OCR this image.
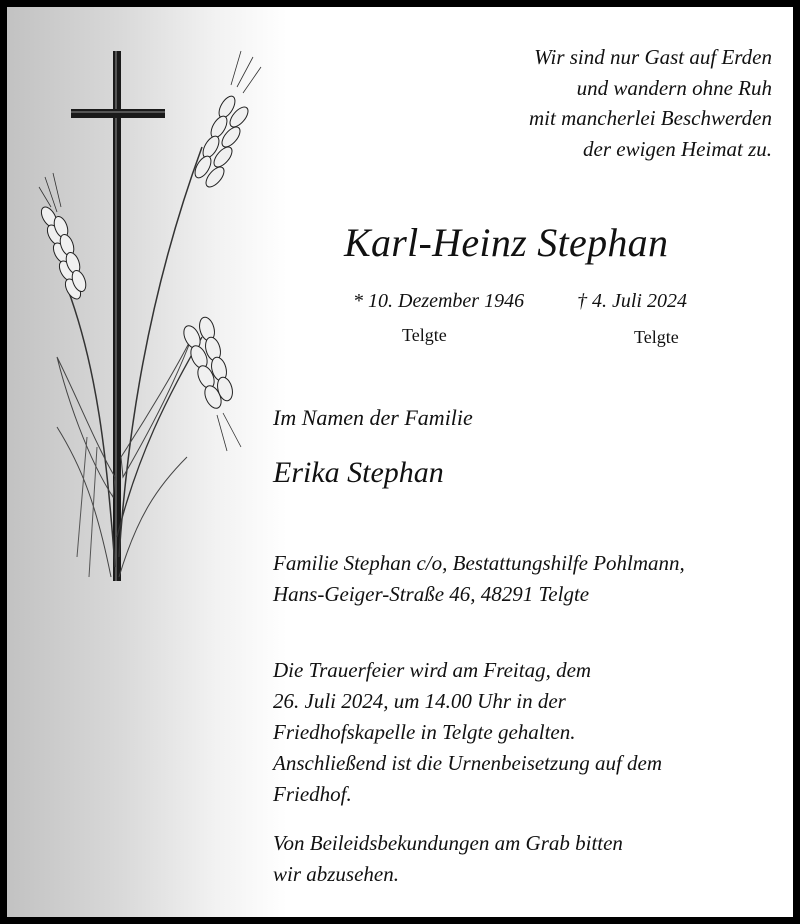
Wir sind nur Gast auf Erden
und wandern ohne Ruh
mit mancherlei Beschwerden
der ewigen Heimat zu.
Karl-Heinz Stephan
* 10. Dezember 1946	† 4. Juli 2024
Telgte	Telgte
Im Namen der Familie
Erika Stephan
Familie Stephan c/o, Bestattungshilfe Pohlmann,
Hans-Geiger-Straße 46, 48291 Telgte
Die Trauerfeier wird am Freitag, dem
26. Juli 2024, um 14.00 Uhr in der
Friedhofskapelle in Telgte gehalten.
Anschließend ist die Urnenbeisetzung auf dem
Friedhof.
Von Beileidsbekundungen am Grab bitten
wir abzusehen.
